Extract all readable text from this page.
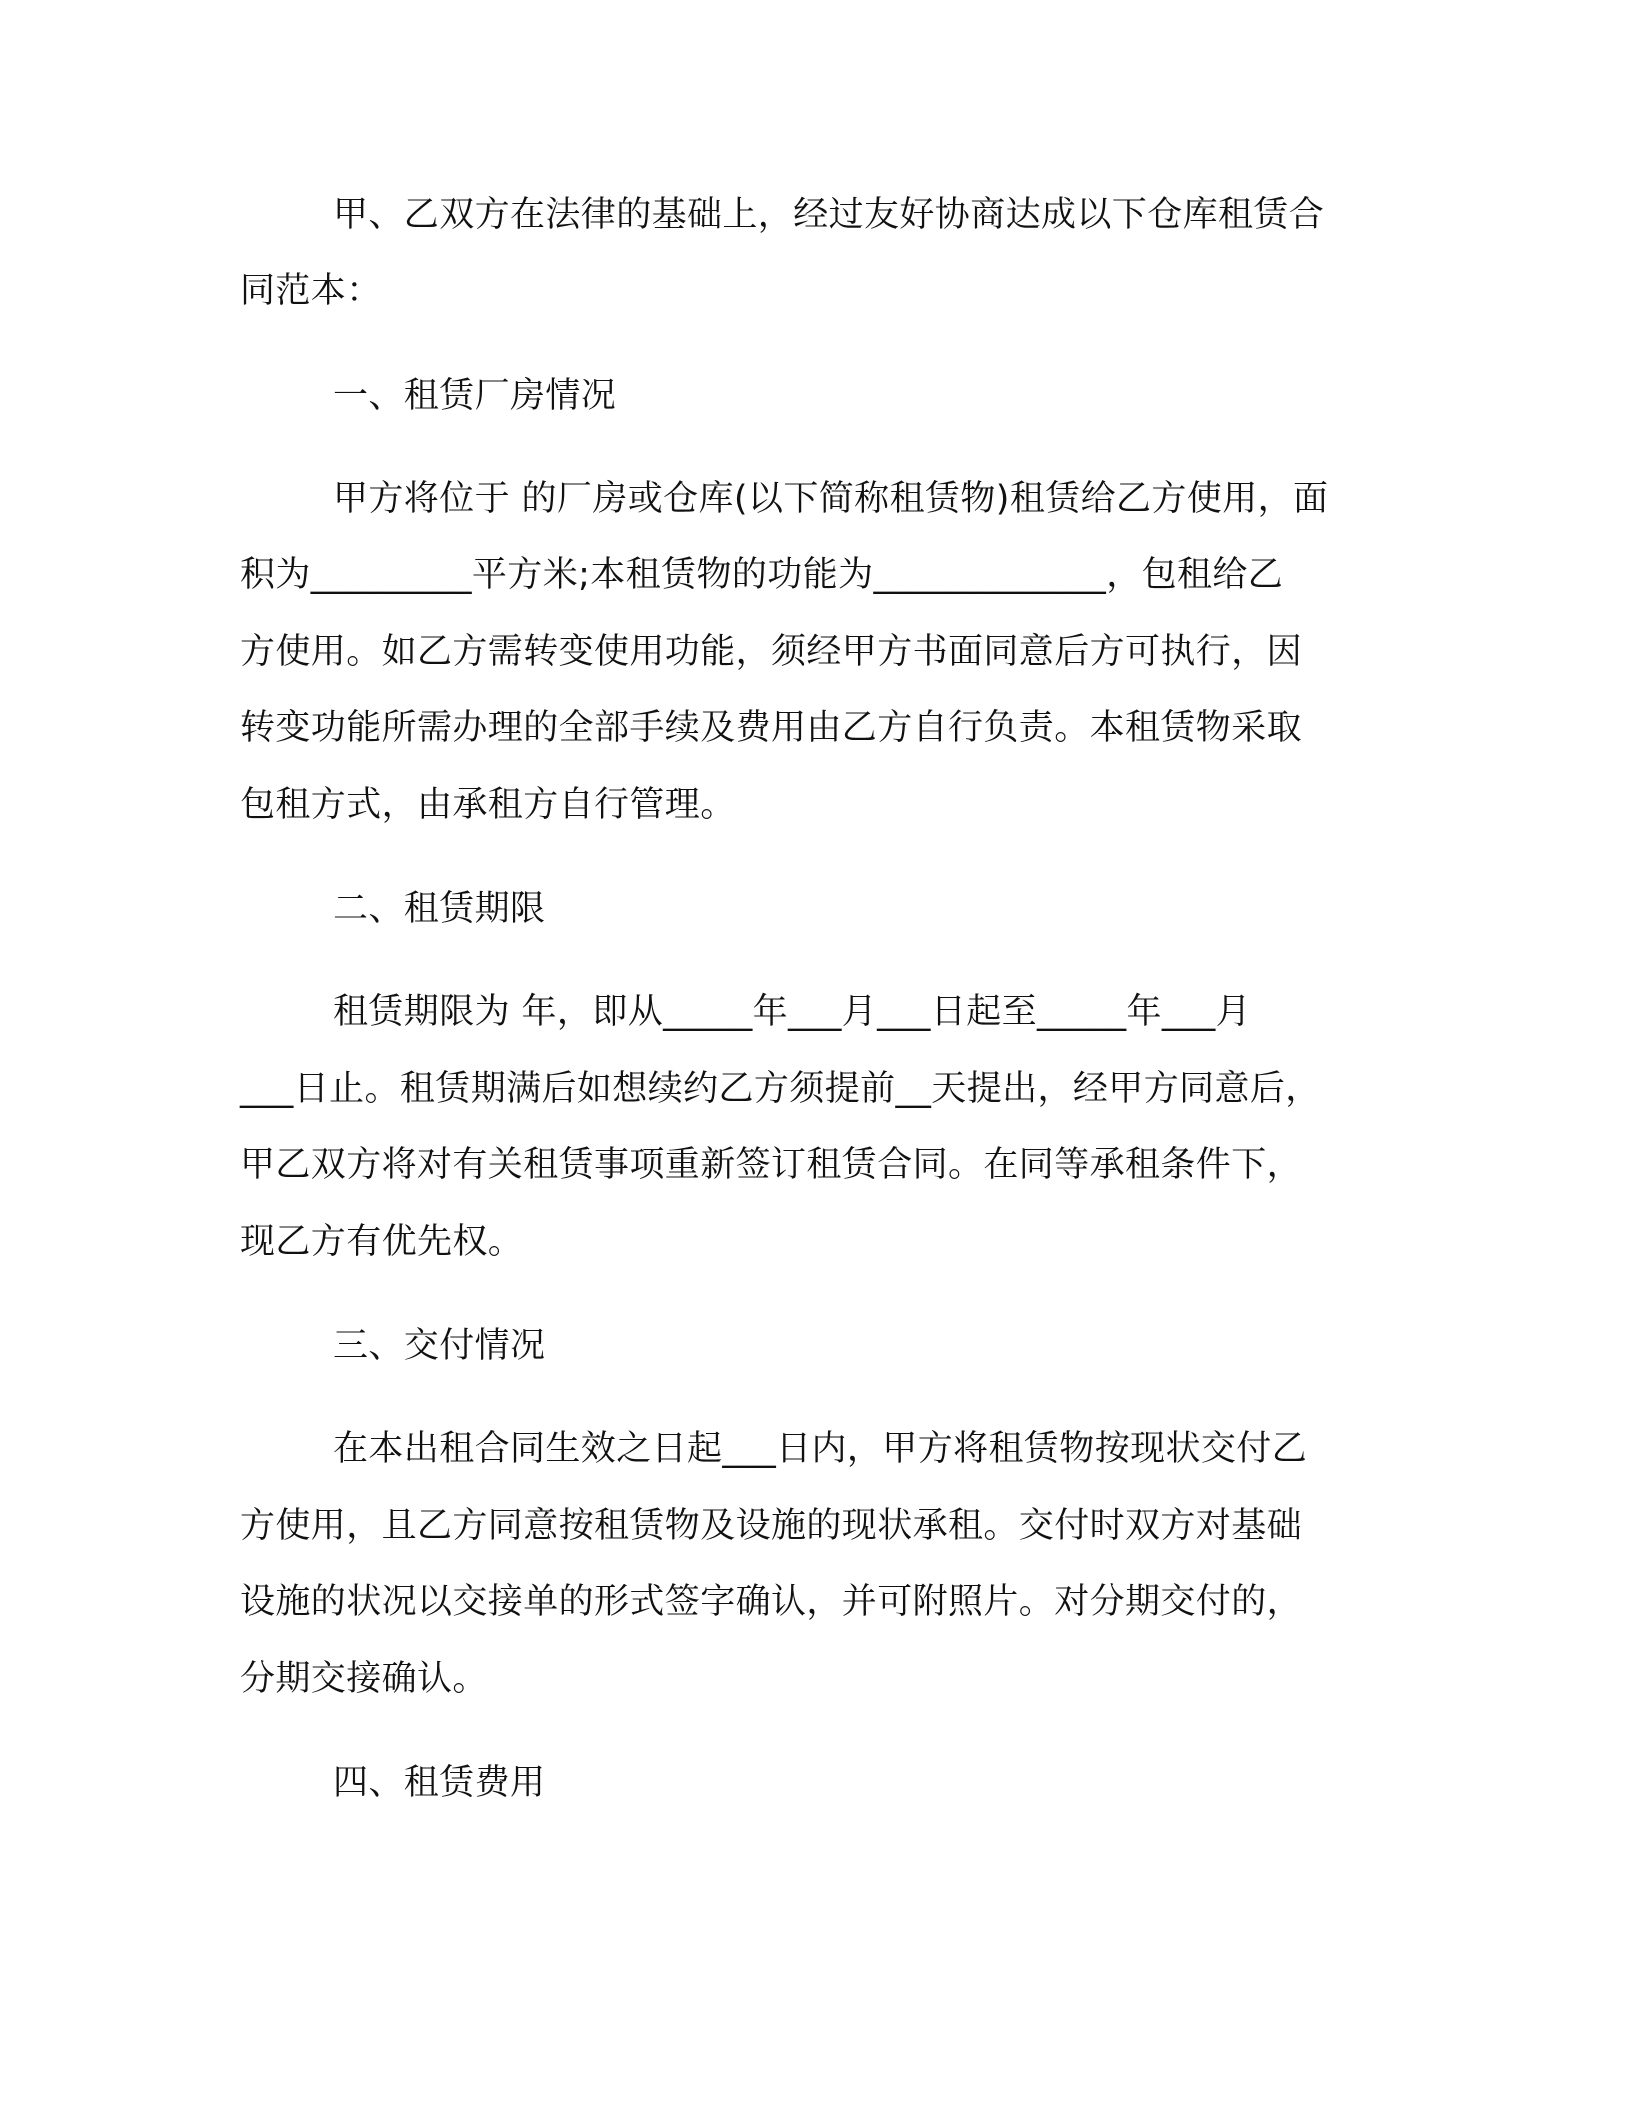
甲、乙双方在法律的基础上，经过友好协商达成以下仓库租赁合

同范本：

一、租赁厂房情况

甲方将位于 的厂房或仓库(以下简称租赁物)租赁给乙方使用，面

积为_________平方米;本租赁物的功能为_____________，包租给乙

方使用。如乙方需转变使用功能，须经甲方书面同意后方可执行，因

转变功能所需办理的全部手续及费用由乙方自行负责。本租赁物采取

包租方式，由承租方自行管理。

二、租赁期限

租赁期限为 年，即从_____年___月___日起至_____年___月

___日止。租赁期满后如想续约乙方须提前__天提出，经甲方同意后，

甲乙双方将对有关租赁事项重新签订租赁合同。在同等承租条件下，

现乙方有优先权。

三、交付情况

在本出租合同生效之日起___日内，甲方将租赁物按现状交付乙

方使用，且乙方同意按租赁物及设施的现状承租。交付时双方对基础

设施的状况以交接单的形式签字确认，并可附照片。对分期交付的，

分期交接确认。

四、租赁费用
